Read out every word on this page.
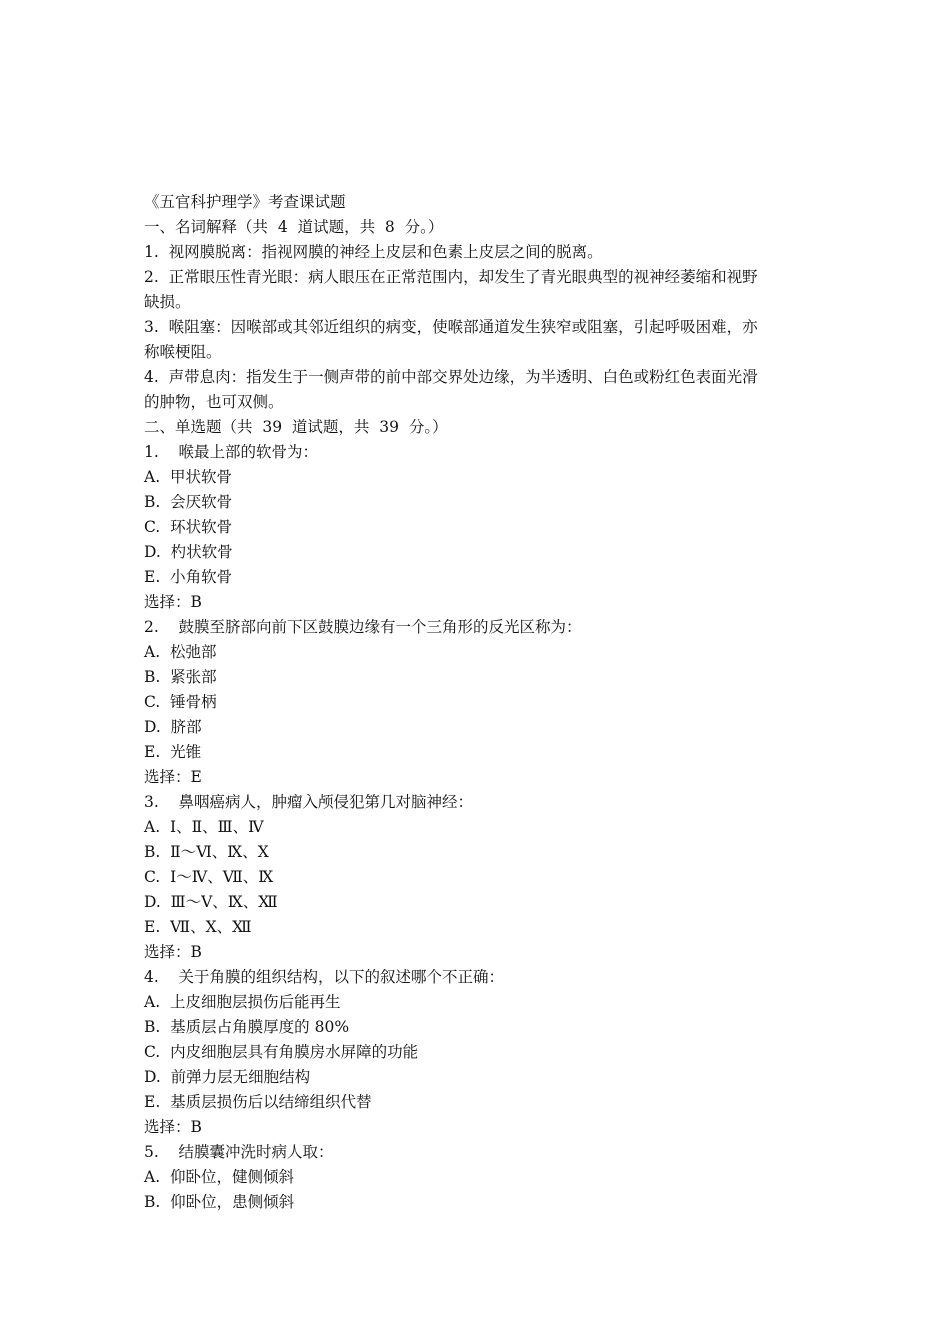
《五官科护理学》考查课试题

一、名词解释（共  4  道试题，共  8  分。）

1.  视网膜脱离：指视网膜的神经上皮层和色素上皮层之间的脱离。

2.  正常眼压性青光眼：病人眼压在正常范围内，却发生了青光眼典型的视神经萎缩和视野

缺损。

3.  喉阻塞：因喉部或其邻近组织的病变，使喉部通道发生狭窄或阻塞，引起呼吸困难，亦

称喉梗阻。

4.  声带息肉：指发生于一侧声带的前中部交界处边缘，为半透明、白色或粉红色表面光滑

的肿物，也可双侧。

二、单选题（共  39  道试题，共  39  分。）

1.    喉最上部的软骨为：

A.  甲状软骨

B.  会厌软骨

C.  环状软骨

D.  杓状软骨

E.  小角软骨

选择：B

2.    鼓膜至脐部向前下区鼓膜边缘有一个三角形的反光区称为：

A.  松弛部

B.  紧张部

C.  锤骨柄

D.  脐部

E.  光锥

选择：E

3.    鼻咽癌病人，肿瘤入颅侵犯第几对脑神经：

A.  Ⅰ、Ⅱ、Ⅲ、Ⅳ

B.  Ⅱ～Ⅵ、Ⅸ、Ⅹ

C.  Ⅰ～Ⅳ、Ⅶ、Ⅸ

D.  Ⅲ～Ⅴ、Ⅸ、Ⅻ

E.  Ⅶ、Ⅹ、Ⅻ

选择：B

4.    关于角膜的组织结构，以下的叙述哪个不正确：

A.  上皮细胞层损伤后能再生

B.  基质层占角膜厚度的 80%

C.  内皮细胞层具有角膜房水屏障的功能

D.  前弹力层无细胞结构

E.  基质层损伤后以结缔组织代替

选择：B

5.    结膜囊冲洗时病人取：

A.  仰卧位，健侧倾斜

B.  仰卧位，患侧倾斜
